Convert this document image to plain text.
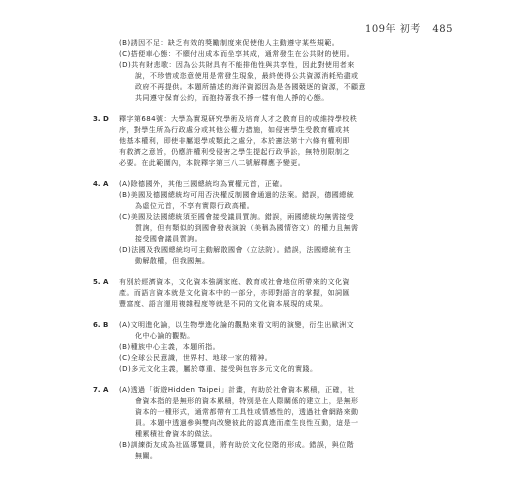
109年 初考 485
(B)誘因不足：缺乏有效的獎勵制度來促使他人主動遵守某些規範。
(C)搭便車心態：不願付出成本而坐享其成，通常發生在公共財的使用。
(D)共有財悲歌：因為公共財具有不能排他性與共享性，因此對使用者來
說，不珍惜或恣意使用是常發生現象，最終使得公共資源消耗殆盡或
政府不再提供。本題所描述的海洋資源因為是各國競逐的資源，不顧意
共同遵守保育公約，而抱持著我不掙一樣有他人掙的心態。
3. D	釋字第684號：大學為實現研究學術及培育人才之教育目的或維持學校秩
序，對學生所為行政處分或其他公權力措施，如侵害學生受教育權或其
他基本權利，即使非屬退學或類此之處分，本於憲法第十六條有權利即
有救濟之意旨，仍應許權利受侵害之學生提起行政爭訟，無特別限制之
必要。在此範圍內，本院釋字第三八二號解釋應予變更。
4. A	(A)除德國外，其他三國總統均為實權元首，正確。
(B)美國及德國總統均可用否決權反制國會通過的法案。錯誤，德國總統
為虛位元首，不享有實際行政高權。
(C)美國及法國總統須至國會接受議員質詢。錯誤，兩國總統均無需接受
質詢，但有類似的到國會發表演說（美稱為國情咨文）的權力且無需
接受國會議員質詢。
(D)法國及我國總統均可主動解散國會（立法院）。錯誤，法國總統有主
動解散權，但我國無。
5. A	有別於經濟資本，文化資本強調家庭、教育或社會地位所帶來的文化資
產。而語言資本就是文化資本中的一部分，亦即對語言的掌握，如詞匯
豐富度、語言運用複雜程度等就是不同的文化資本展現的成果。
6. B	(A)文明進化論，以生物學進化論的觀點來看文明的演變，衍生出歐洲文
化中心論的觀點。
(B)種族中心主義，本題所指。
(C)全球公民意識，世界村、地球一家的精神。
(D)多元文化主義，屬於尊重、接受與包容多元文化的實踐。
7. A	(A)透過「街遊Hidden Taipei」計畫，有助於社會資本累積，正確，社
會資本指的是無形的資本累積，特別是在人際關係的建立上，是無形
資本的一種形式，通常都帶有工具性或情感性的，透過社會網路來動
員。本題中透過參與雙向改變彼此的認真進而產生良性互動，這是一
種累積社會資本的做法。
(B)訓練街友成為社區導覽員，將有助於文化位階的形成。錯誤，與位階
無關。
